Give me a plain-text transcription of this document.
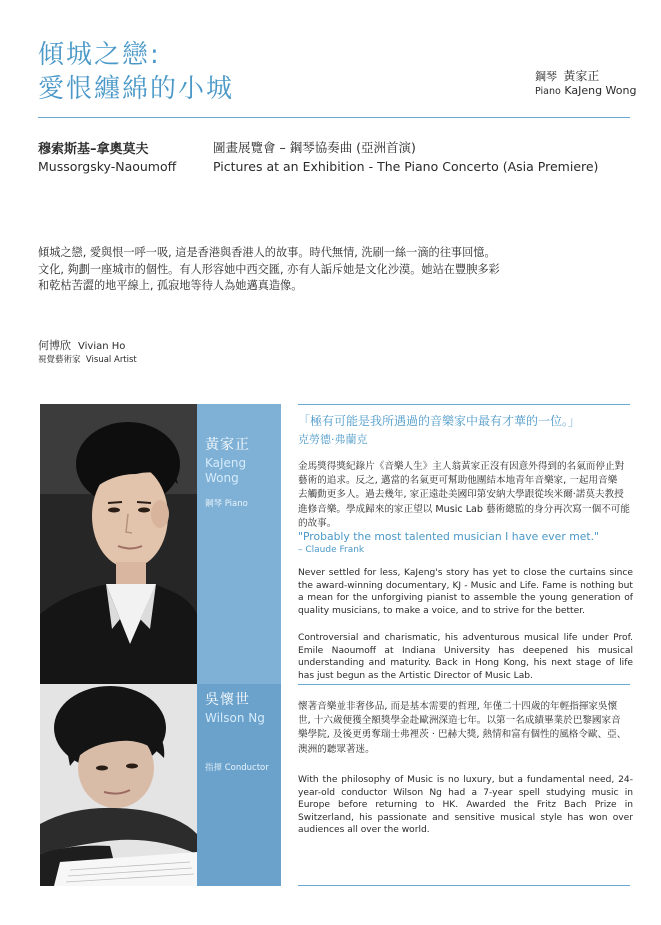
傾城之戀:
愛恨纏綿的小城	鋼琴 黃家正
Piano KaJeng Wong
穆索斯基–拿奧莫夫
Mussorgsky-Naoumoff
圖畫展覽會 – 鋼琴協奏曲 (亞洲首演)
Pictures at an Exhibition - The Piano Concerto (Asia Premiere)
傾城之戀, 愛與恨一呼一吸, 這是香港與香港人的故事。時代無情, 洗刷一絲一滴的往事回憶。
文化, 夠劃一座城市的個性。有人形容她中西交匯, 亦有人詬斥她是文化沙漠。她站在豐腴多彩
和乾枯苦澀的地平線上, 孤寂地等待人為她邁真造像。
何博欣 Vivian Ho
視覺藝術家 Visual Artist
黃家正
KaJeng
Wong
鋼琴 Piano
吳懷世
Wilson Ng
指揮 Conductor
「極有可能是我所遇過的音樂家中最有才華的一位。」
克勞德·弗蘭克
金馬獎得獎紀錄片《音樂人生》主人翁黃家正沒有因意外得到的名氣而停止對
藝術的追求。反之, 邁當的名氣更可幫助他團結本地青年音樂家, 一起用音樂
去觸動更多人。過去幾年, 家正遠赴美國印第安納大學跟從埃米爾·諾莫夫教授
進修音樂。學成歸來的家正望以 Music Lab 藝術總監的身分再次寫一個不可能
的故事。
"Probably the most talented musician I have ever met."
– Claude Frank
Never settled for less, KaJeng's story has yet to close the curtains since the award-winning documentary, KJ - Music and Life. Fame is nothing but a mean for the unforgiving pianist to assemble the young generation of quality musicians, to make a voice, and to strive for the better.
Controversial and charismatic, his adventurous musical life under Prof. Emile Naoumoff at Indiana University has deepened his musical understanding and maturity. Back in Hong Kong, his next stage of life has just begun as the Artistic Director of Music Lab.
懷著音樂並非奢侈品, 而是基本需要的哲理, 年僅二十四歲的年輕指揮家吳懷
世, 十六歲便獲全額獎學金赴歐洲深造七年。以第一名成績畢業於巴黎國家音
樂學院, 及後更勇奪瑞士弗裡茨 · 巴赫大獎, 熱情和富有個性的風格令歐、亞、
澳洲的聽眾著迷。
With the philosophy of Music is no luxury, but a fundamental need, 24-year-old conductor Wilson Ng had a 7-year spell studying music in Europe before returning to HK. Awarded the Fritz Bach Prize in Switzerland, his passionate and sensitive musical style has won over audiences all over the world.
